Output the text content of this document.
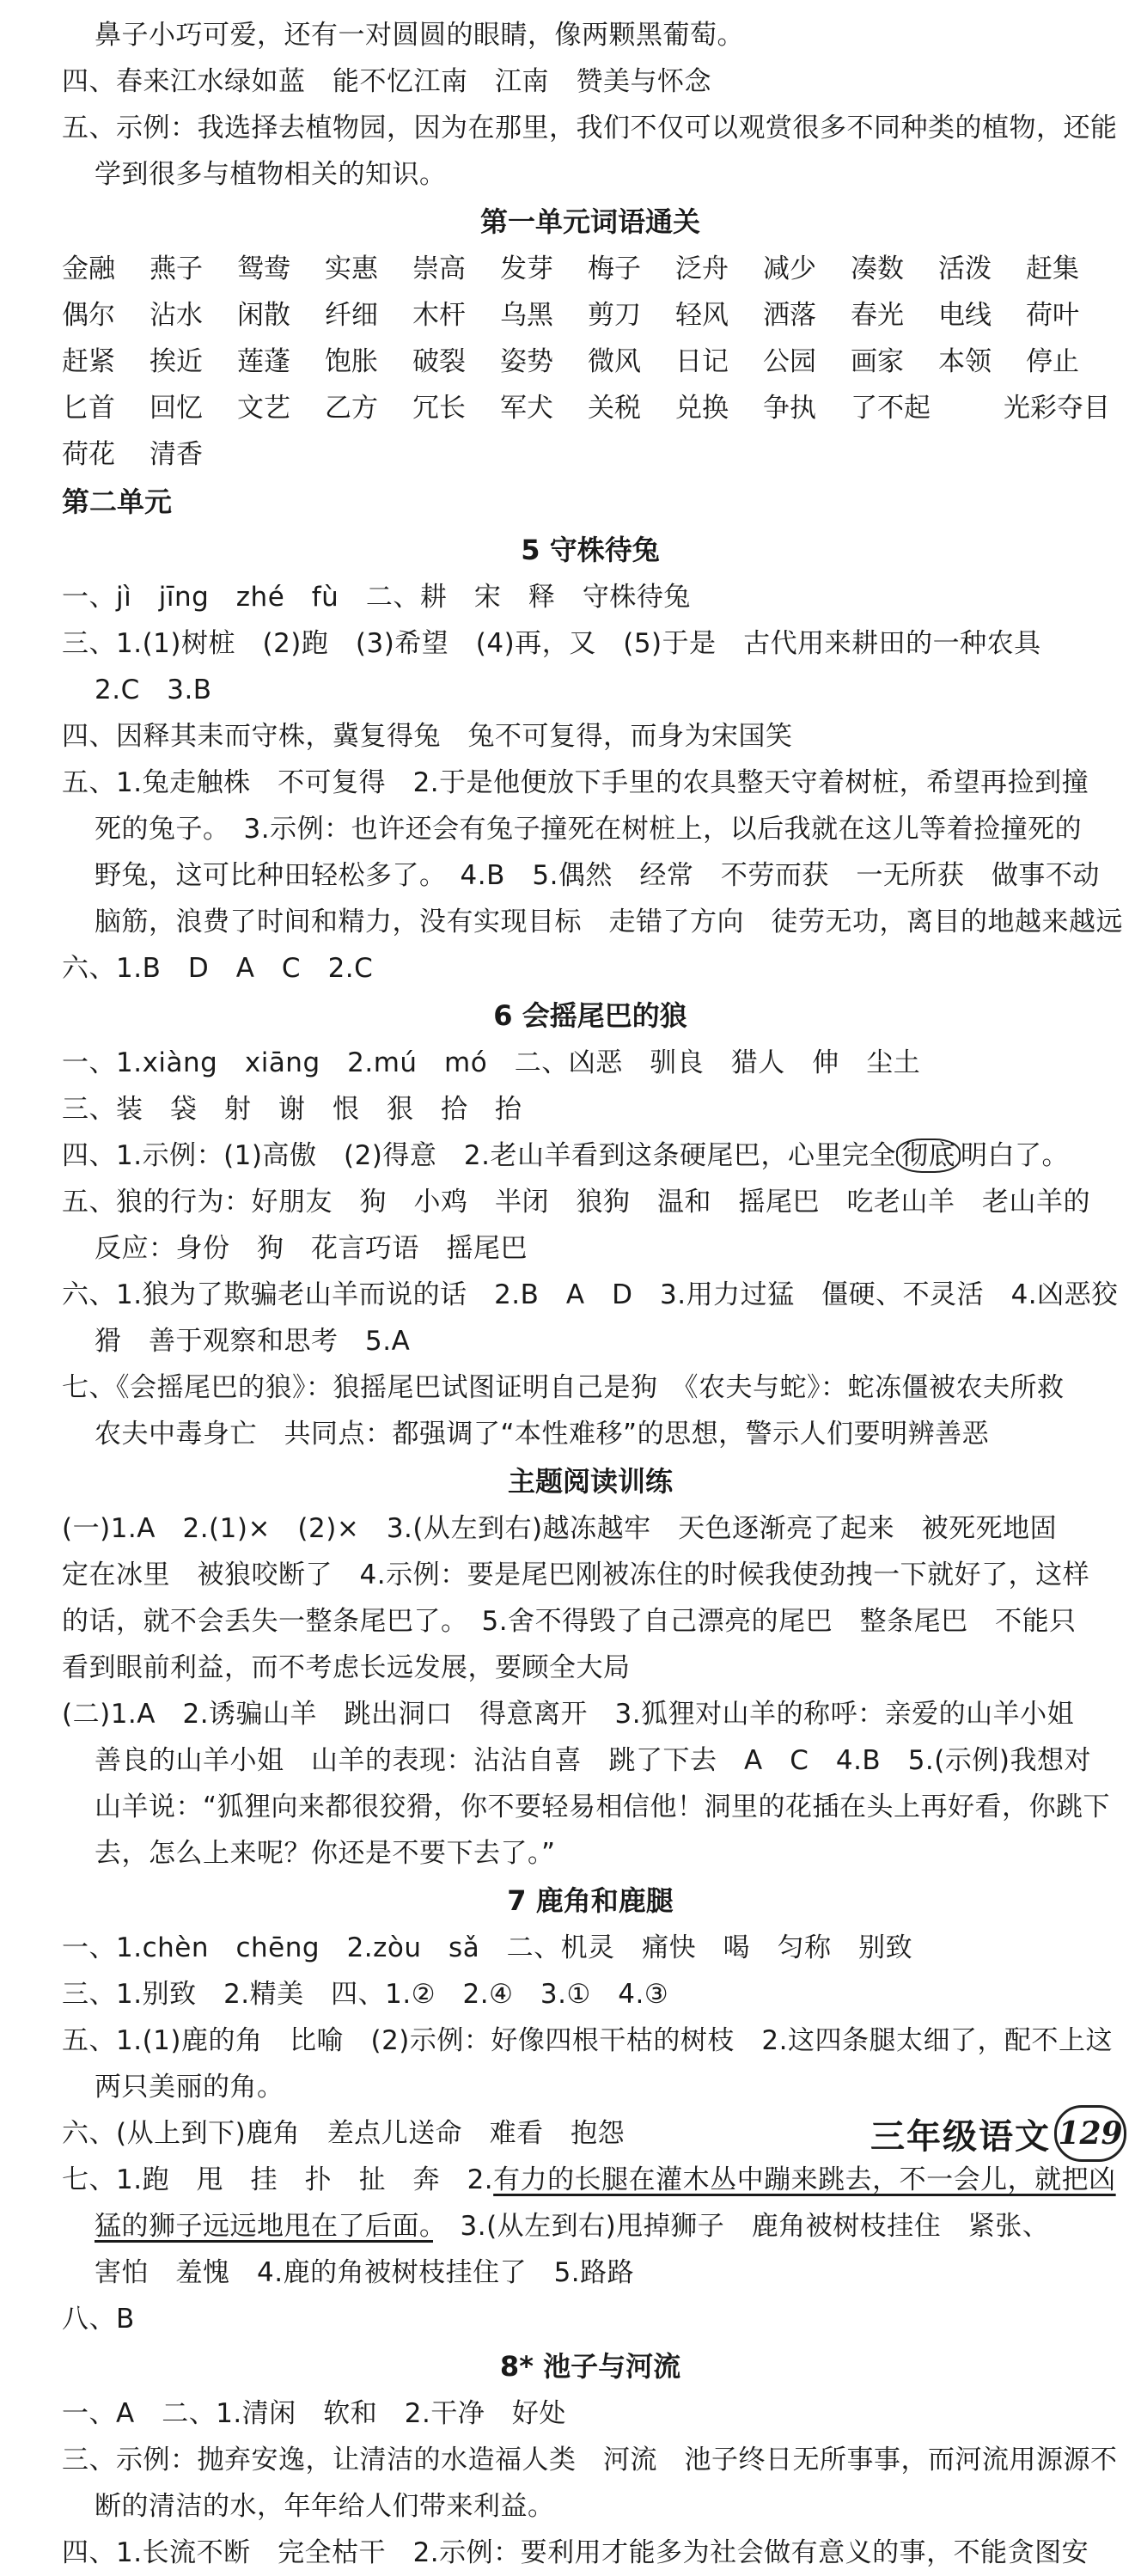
鼻子小巧可爱，还有一对圆圆的眼睛，像两颗黑葡萄。
四、春来江水绿如蓝　能不忆江南　江南　赞美与怀念
五、示例：我选择去植物园，因为在那里，我们不仅可以观赏很多不同种类的植物，还能
学到很多与植物相关的知识。
第一单元词语通关
金融	燕子	鸳鸯	实惠	崇高	发芽	梅子	泛舟	减少	凑数	活泼	赶集
偶尔	沾水	闲散	纤细	木杆	乌黑	剪刀	轻风	洒落	春光	电线	荷叶
赶紧	挨近	莲蓬	饱胀	破裂	姿势	微风	日记	公园	画家	本领	停止
匕首	回忆	文艺	乙方	冗长	军犬	关税	兑换	争执	了不起	光彩夺目
荷花	清香
第二单元
5 守株待兔
一、jì　jīng　zhé　fù　二、耕　宋　释　守株待兔
三、1.(1)树桩　(2)跑　(3)希望　(4)再，又　(5)于是　古代用来耕田的一种农具
2.C　3.B
四、因释其耒而守株，冀复得兔　兔不可复得，而身为宋国笑
五、1.兔走触株　不可复得　2.于是他便放下手里的农具整天守着树桩，希望再捡到撞
死的兔子。　3.示例：也许还会有兔子撞死在树桩上，以后我就在这儿等着捡撞死的
野兔，这可比种田轻松多了。　4.B　5.偶然　经常　不劳而获　一无所获　做事不动
脑筋，浪费了时间和精力，没有实现目标　走错了方向　徒劳无功，离目的地越来越远
六、1.B　D　A　C　2.C
6 会摇尾巴的狼
一、1.xiàng　xiāng　2.mú　mó　二、凶恶　驯良　猎人　伸　尘土
三、装　袋　射　谢　恨　狠　拾　抬
四、1.示例：(1)高傲　(2)得意　2.老山羊看到这条硬尾巴，心里完全 彻底 明白了。
五、狼的行为：好朋友　狗　小鸡　半闭　狼狗　温和　摇尾巴　吃老山羊　老山羊的
反应：身份　狗　花言巧语　摇尾巴
六、1.狼为了欺骗老山羊而说的话　2.B　A　D　3.用力过猛　僵硬、不灵活　4.凶恶狡
猾　善于观察和思考　5.A
七、《会摇尾巴的狼》：狼摇尾巴试图证明自己是狗　《农夫与蛇》：蛇冻僵被农夫所救
农夫中毒身亡　共同点：都强调了“本性难移”的思想，警示人们要明辨善恶
主题阅读训练
(一)1.A　2.(1)×　(2)×　3.(从左到右)越冻越牢　天色逐渐亮了起来　被死死地固
定在冰里　被狼咬断了　4.示例：要是尾巴刚被冻住的时候我使劲拽一下就好了，这样
的话，就不会丢失一整条尾巴了。　5.舍不得毁了自己漂亮的尾巴　整条尾巴　不能只
看到眼前利益，而不考虑长远发展，要顾全大局
(二)1.A　2.诱骗山羊　跳出洞口　得意离开　3.狐狸对山羊的称呼：亲爱的山羊小姐
善良的山羊小姐　山羊的表现：沾沾自喜　跳了下去　A　C　4.B　5.(示例)我想对
山羊说：“狐狸向来都很狡猾，你不要轻易相信他！洞里的花插在头上再好看，你跳下
去，怎么上来呢？你还是不要下去了。”
7 鹿角和鹿腿
一、1.chèn　chēng　2.zòu　sǎ　二、机灵　痛快　喝　匀称　别致
三、1.别致　2.精美　四、1.②　2.④　3.①　4.③
五、1.(1)鹿的角　比喻　(2)示例：好像四根干枯的树枝　2.这四条腿太细了，配不上这
两只美丽的角。
六、(从上到下)鹿角　差点儿送命　难看　抱怨
七、1.跑　甩　挂　扑　扯　奔　2.有力的长腿在灌木丛中蹦来跳去，不一会儿，就把凶
猛的狮子远远地甩在了后面。　3.(从左到右)甩掉狮子　鹿角被树枝挂住　紧张、
害怕　羞愧　4.鹿的角被树枝挂住了　5.路路
八、B
8* 池子与河流
一、A　二、1.清闲　软和　2.干净　好处
三、示例：抛弃安逸，让清洁的水造福人类　河流　池子终日无所事事，而河流用源源不
断的清洁的水，年年给人们带来利益。
四、1.长流不断　完全枯干　2.示例：要利用才能多为社会做有意义的事，不能贪图安
三年级语文 129
